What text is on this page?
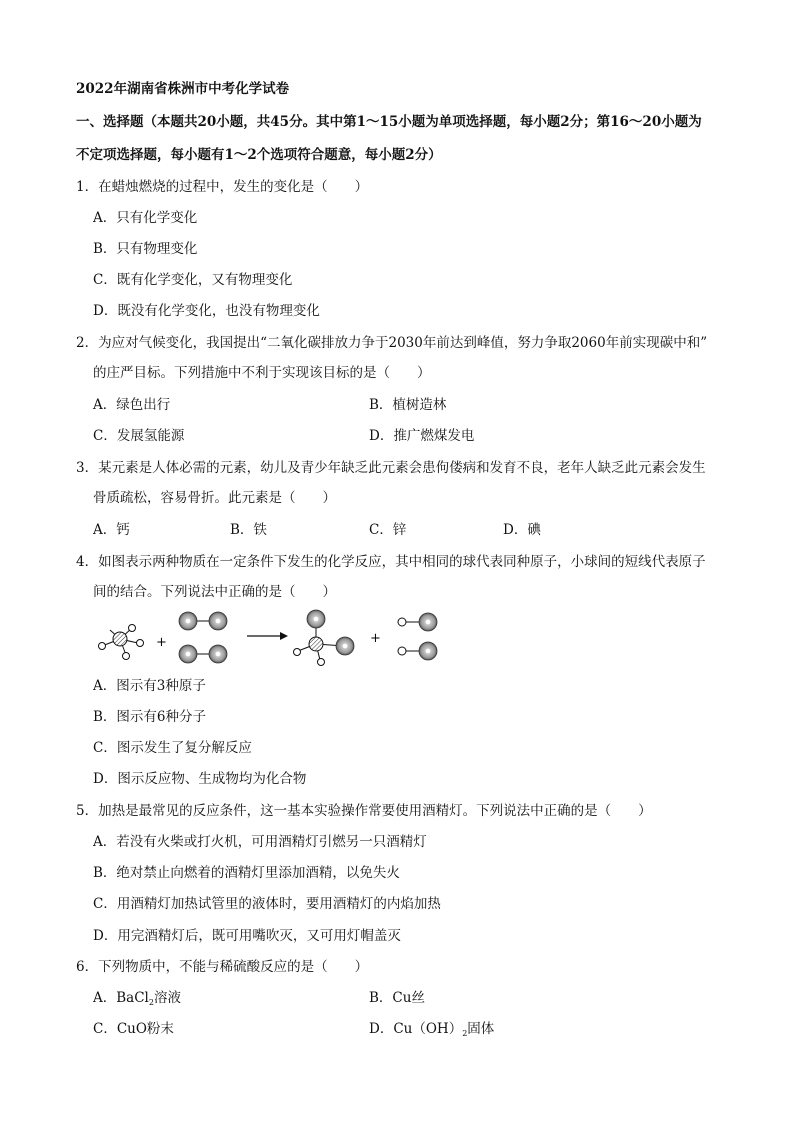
2022年湖南省株洲市中考化学试卷
一、选择题（本题共20小题，共45分。其中第1～15小题为单项选择题，每小题2分；第16～20小题为
不定项选择题，每小题有1～2个选项符合题意，每小题2分）
1．在蜡烛燃烧的过程中，发生的变化是（　　）
A．只有化学变化
B．只有物理变化
C．既有化学变化，又有物理变化
D．既没有化学变化，也没有物理变化
2．为应对气候变化，我国提出“二氧化碳排放力争于2030年前达到峰值，努力争取2060年前实现碳中和”
的庄严目标。下列措施中不利于实现该目标的是（　　）
A．绿色出行	B．植树造林
C．发展氢能源	D．推广燃煤发电
3．某元素是人体必需的元素，幼儿及青少年缺乏此元素会患佝偻病和发育不良，老年人缺乏此元素会发生
骨质疏松，容易骨折。此元素是（　　）
A．钙	B．铁	C．锌	D．碘
4．如图表示两种物质在一定条件下发生的化学反应，其中相同的球代表同种原子，小球间的短线代表原子
间的结合。下列说法中正确的是（　　）
+	+
A．图示有3种原子
B．图示有6种分子
C．图示发生了复分解反应
D．图示反应物、生成物均为化合物
5．加热是最常见的反应条件，这一基本实验操作常要使用酒精灯。下列说法中正确的是（　　）
A．若没有火柴或打火机，可用酒精灯引燃另一只酒精灯
B．绝对禁止向燃着的酒精灯里添加酒精，以免失火
C．用酒精灯加热试管里的液体时，要用酒精灯的内焰加热
D．用完酒精灯后，既可用嘴吹灭，又可用灯帽盖灭
6．下列物质中，不能与稀硫酸反应的是（　　）
A．BaCl$_2$溶液	B．Cu丝
C．CuO粉末	D．$Cu(OH)_2$固体
